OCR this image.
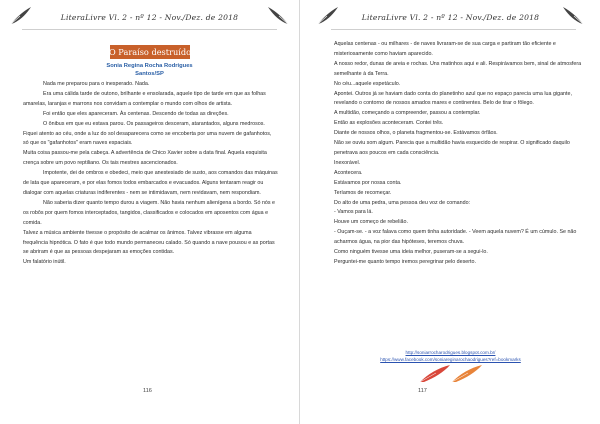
LiteraLivre Vl. 2 - nº 12 - Nov./Dez. de 2018
O Paraíso destruído
Sonia Regina Rocha Rodrigues
Santos/SP

Nada me preparou para o inesperado. Nada.

Era uma cálida tarde de outono, brilhante e ensolarada, aquele tipo de tarde em que as folhas amarelas, laranjas e marrons nos convidam a contemplar o mundo com olhos de artista.

Foi então que eles apareceram. Às centenas. Descendo de todas as direções.

O ônibus em que eu estava parou. Os passageiros desceram, atarantados, alguns medrosos.

Fiquei atento ao céu, onde a luz do sol desaparecera como se encoberta por uma nuvem de gafanhotos, só que os "gafanhotos" eram naves espaciais.

Muita coisa passou-me pela cabeça. A advertência de Chico Xavier sobre a data final. Aquela esquisita crença sobre um povo reptiliano. Os tais mestres ascencionados.

Impotente, dei de ombros e obedeci, meio que anestesiado de susto, aos comandos das máquinas de lata que apareceram, e por elas fomos todos embarcados e evacuados. Alguns tentaram reagir ou dialogar com aquelas criaturas indiferentes - nem se intimidavam, nem revidavam, nem respondiam.

Não saberia dizer quanto tempo durou a viagem. Não havia nenhum alienígena a bordo. Só nós e os robôs por quem fomos interceptados, tangidos, classificados e colocados em aposentos com água e comida.

Talvez a música ambiente tivesse o propósito de acalmar os ânimos. Talvez vibrasse em alguma frequência hipnótica. O fato é que todo mundo permaneceu calado. Só quando a nave pousou e as portas se abriram é que as pessoas despejaram as emoções contidas.

Um falatório inútil.

116
LiteraLivre Vl. 2 - nº 12 - Nov./Dez. de 2018

Aquelas centenas - ou milhares - de naves livraram-se de sua carga e partiram tão eficiente e misteriosamente como haviam aparecido.

A nosso redor, dunas de areia e rochas. Uns matinhos aqui e ali. Respirávamos bem, sinal de atmosfera semelhante à da Terra.

No céu...aquele espetáculo.

Apontei. Outros já se haviam dado conta do planetinho azul que no espaço parecia uma lua gigante, revelando o contorno de nossos amados mares e continentes. Belo de tirar o fôlego.

A multidão, começando a compreender, passou a contemplar.

Então as explosões aconteceram. Contei três.

Diante de nossos olhos, o planeta fragmentou-se. Estávamos órfãos.

Não se ouviu som algum. Parecia que a multidão havia esquecido de respirar. O significado daquilo penetrava aos poucos em cada consciência.

Inexorável.

Acontecera.

Estávamos por nossa conta.

Teríamos de recomeçar.

Do alto de uma pedra, uma pessoa deu voz de comando:

- Vamos para lá.

Houve um começo de rebelião.

- Ouçam-se. - a voz falava como quem tinha autoridade. - Veem aquela nuvem? É um cúmulo. Se não acharmos água, na pior das hipóteses, teremos chuva.

Como ninguém tivesse uma ideia melhor, puseram-se a segui-lo.

Perguntei-me quanto tempo iremos peregrinar pelo deserto.

http://soniarrocharodrigues.blogspot.com.br/
https://www.facebook.com/soniareginarochaodrigues?ref=bookmarks
117
